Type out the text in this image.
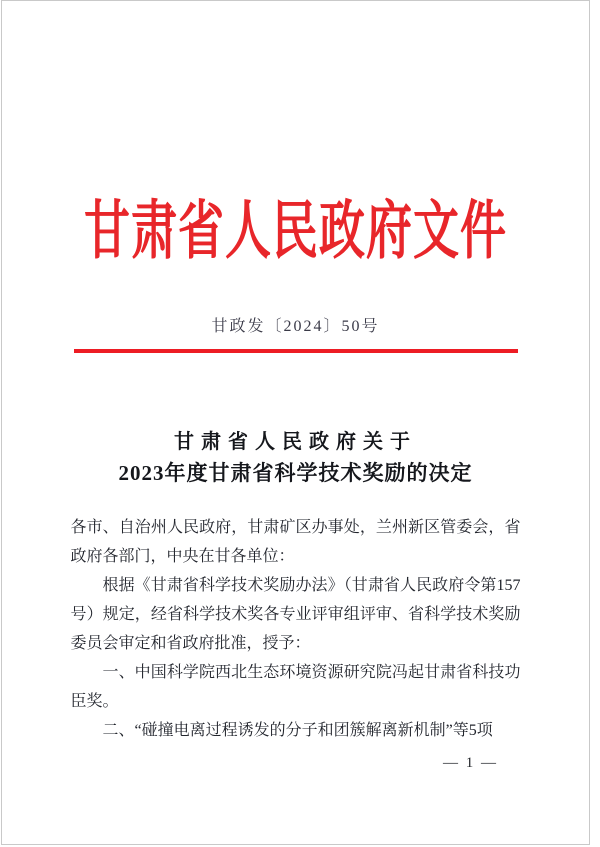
甘肃省人民政府文件
甘政发〔2024〕50号
甘肃省人民政府关于
2023年度甘肃省科学技术奖励的决定

各市、自治州人民政府，甘肃矿区办事处，兰州新区管委会，省政府各部门，中央在甘各单位：

根据《甘肃省科学技术奖励办法》（甘肃省人民政府令第157号）规定，经省科学技术奖各专业评审组评审、省科学技术奖励委员会审定和省政府批准，授予：

一、中国科学院西北生态环境资源研究院冯起甘肃省科技功臣奖。

二、“碰撞电离过程诱发的分子和团簇解离新机制”等5项

— 1 —
